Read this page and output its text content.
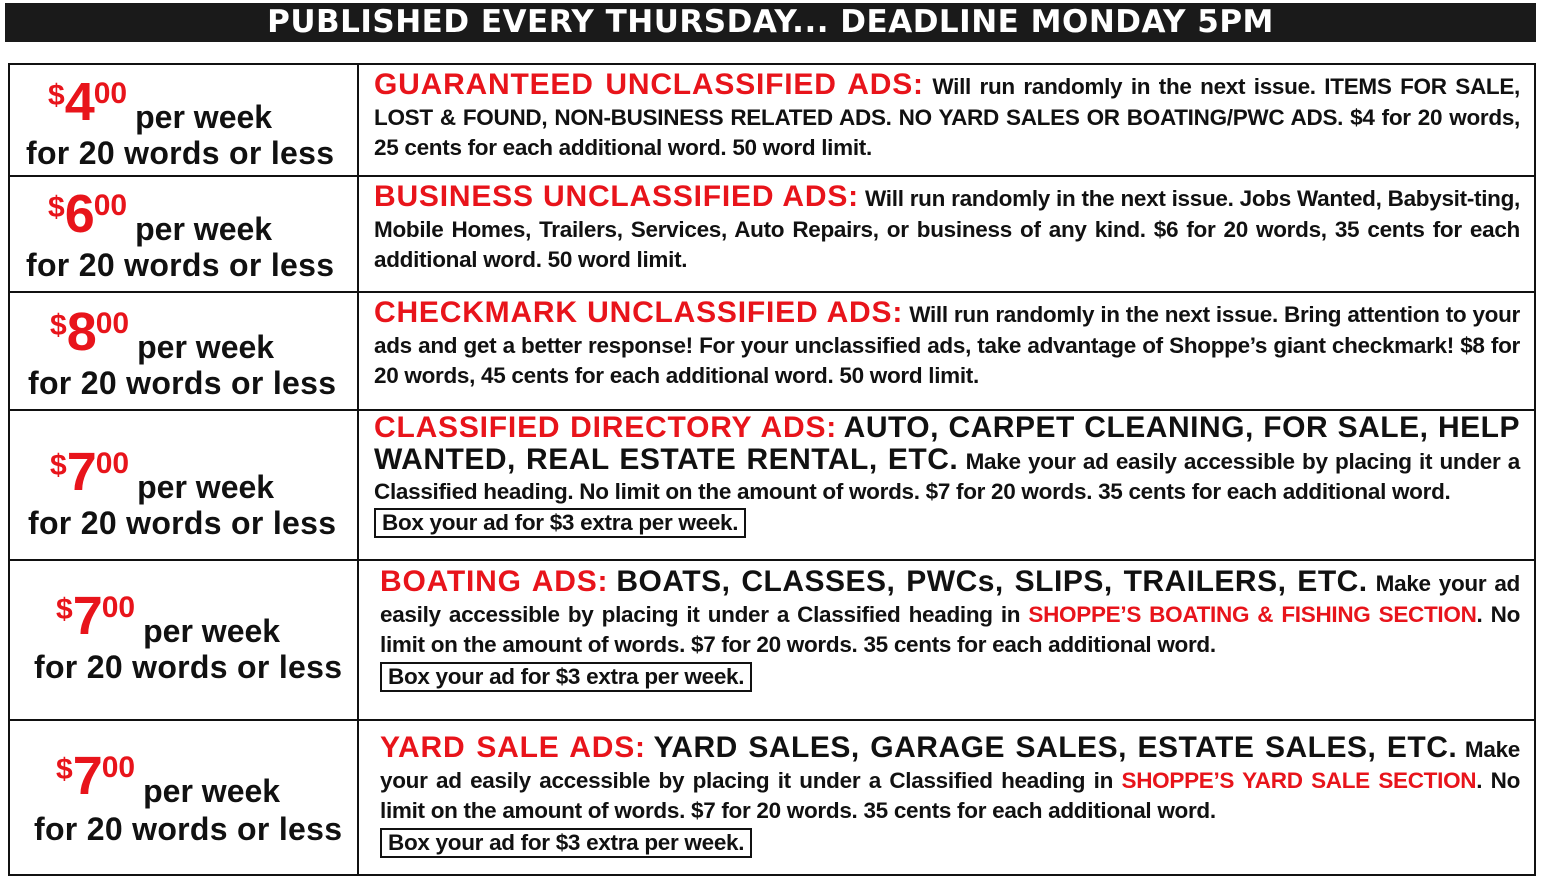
PUBLISHED EVERY THURSDAY... DEADLINE MONDAY 5PM
$400per week
for 20 words or less
GUARANTEED UNCLASSIFIED ADS: Will run randomly in the next issue. ITEMS FOR SALE, LOST & FOUND, NON-BUSINESS RELATED ADS. NO YARD SALES OR BOATING/PWC ADS. $4 for 20 words, 25 cents for each additional word. 50 word limit.
$600per week
for 20 words or less
BUSINESS UNCLASSIFIED ADS: Will run randomly in the next issue. Jobs Wanted, Babysit-ting, Mobile Homes, Trailers, Services, Auto Repairs, or business of any kind. $6 for 20 words, 35 cents for each additional word. 50 word limit.
$800per week
for 20 words or less
CHECKMARK UNCLASSIFIED ADS: Will run randomly in the next issue. Bring attention to your ads and get a better response! For your unclassified ads, take advantage of Shoppe’s giant checkmark! $8 for 20 words, 45 cents for each additional word. 50 word limit.
$700per week
for 20 words or less
CLASSIFIED DIRECTORY ADS: AUTO, CARPET CLEANING, FOR SALE, HELP WANTED, REAL ESTATE RENTAL, ETC. Make your ad easily accessible by placing it under a Classified heading. No limit on the amount of words. $7 for 20 words. 35 cents for each additional word.
Box your ad for $3 extra per week.
$700per week
for 20 words or less
BOATING ADS: BOATS, CLASSES, PWCs, SLIPS, TRAILERS, ETC. Make your ad easily accessible by placing it under a Classified heading in SHOPPE’S BOATING & FISHING SECTION. No limit on the amount of words. $7 for 20 words. 35 cents for each additional word.
Box your ad for $3 extra per week.
$700per week
for 20 words or less
YARD SALE ADS: YARD SALES, GARAGE SALES, ESTATE SALES, ETC. Make your ad easily accessible by placing it under a Classified heading in SHOPPE’S YARD SALE SECTION. No limit on the amount of words. $7 for 20 words. 35 cents for each additional word.
Box your ad for $3 extra per week.
